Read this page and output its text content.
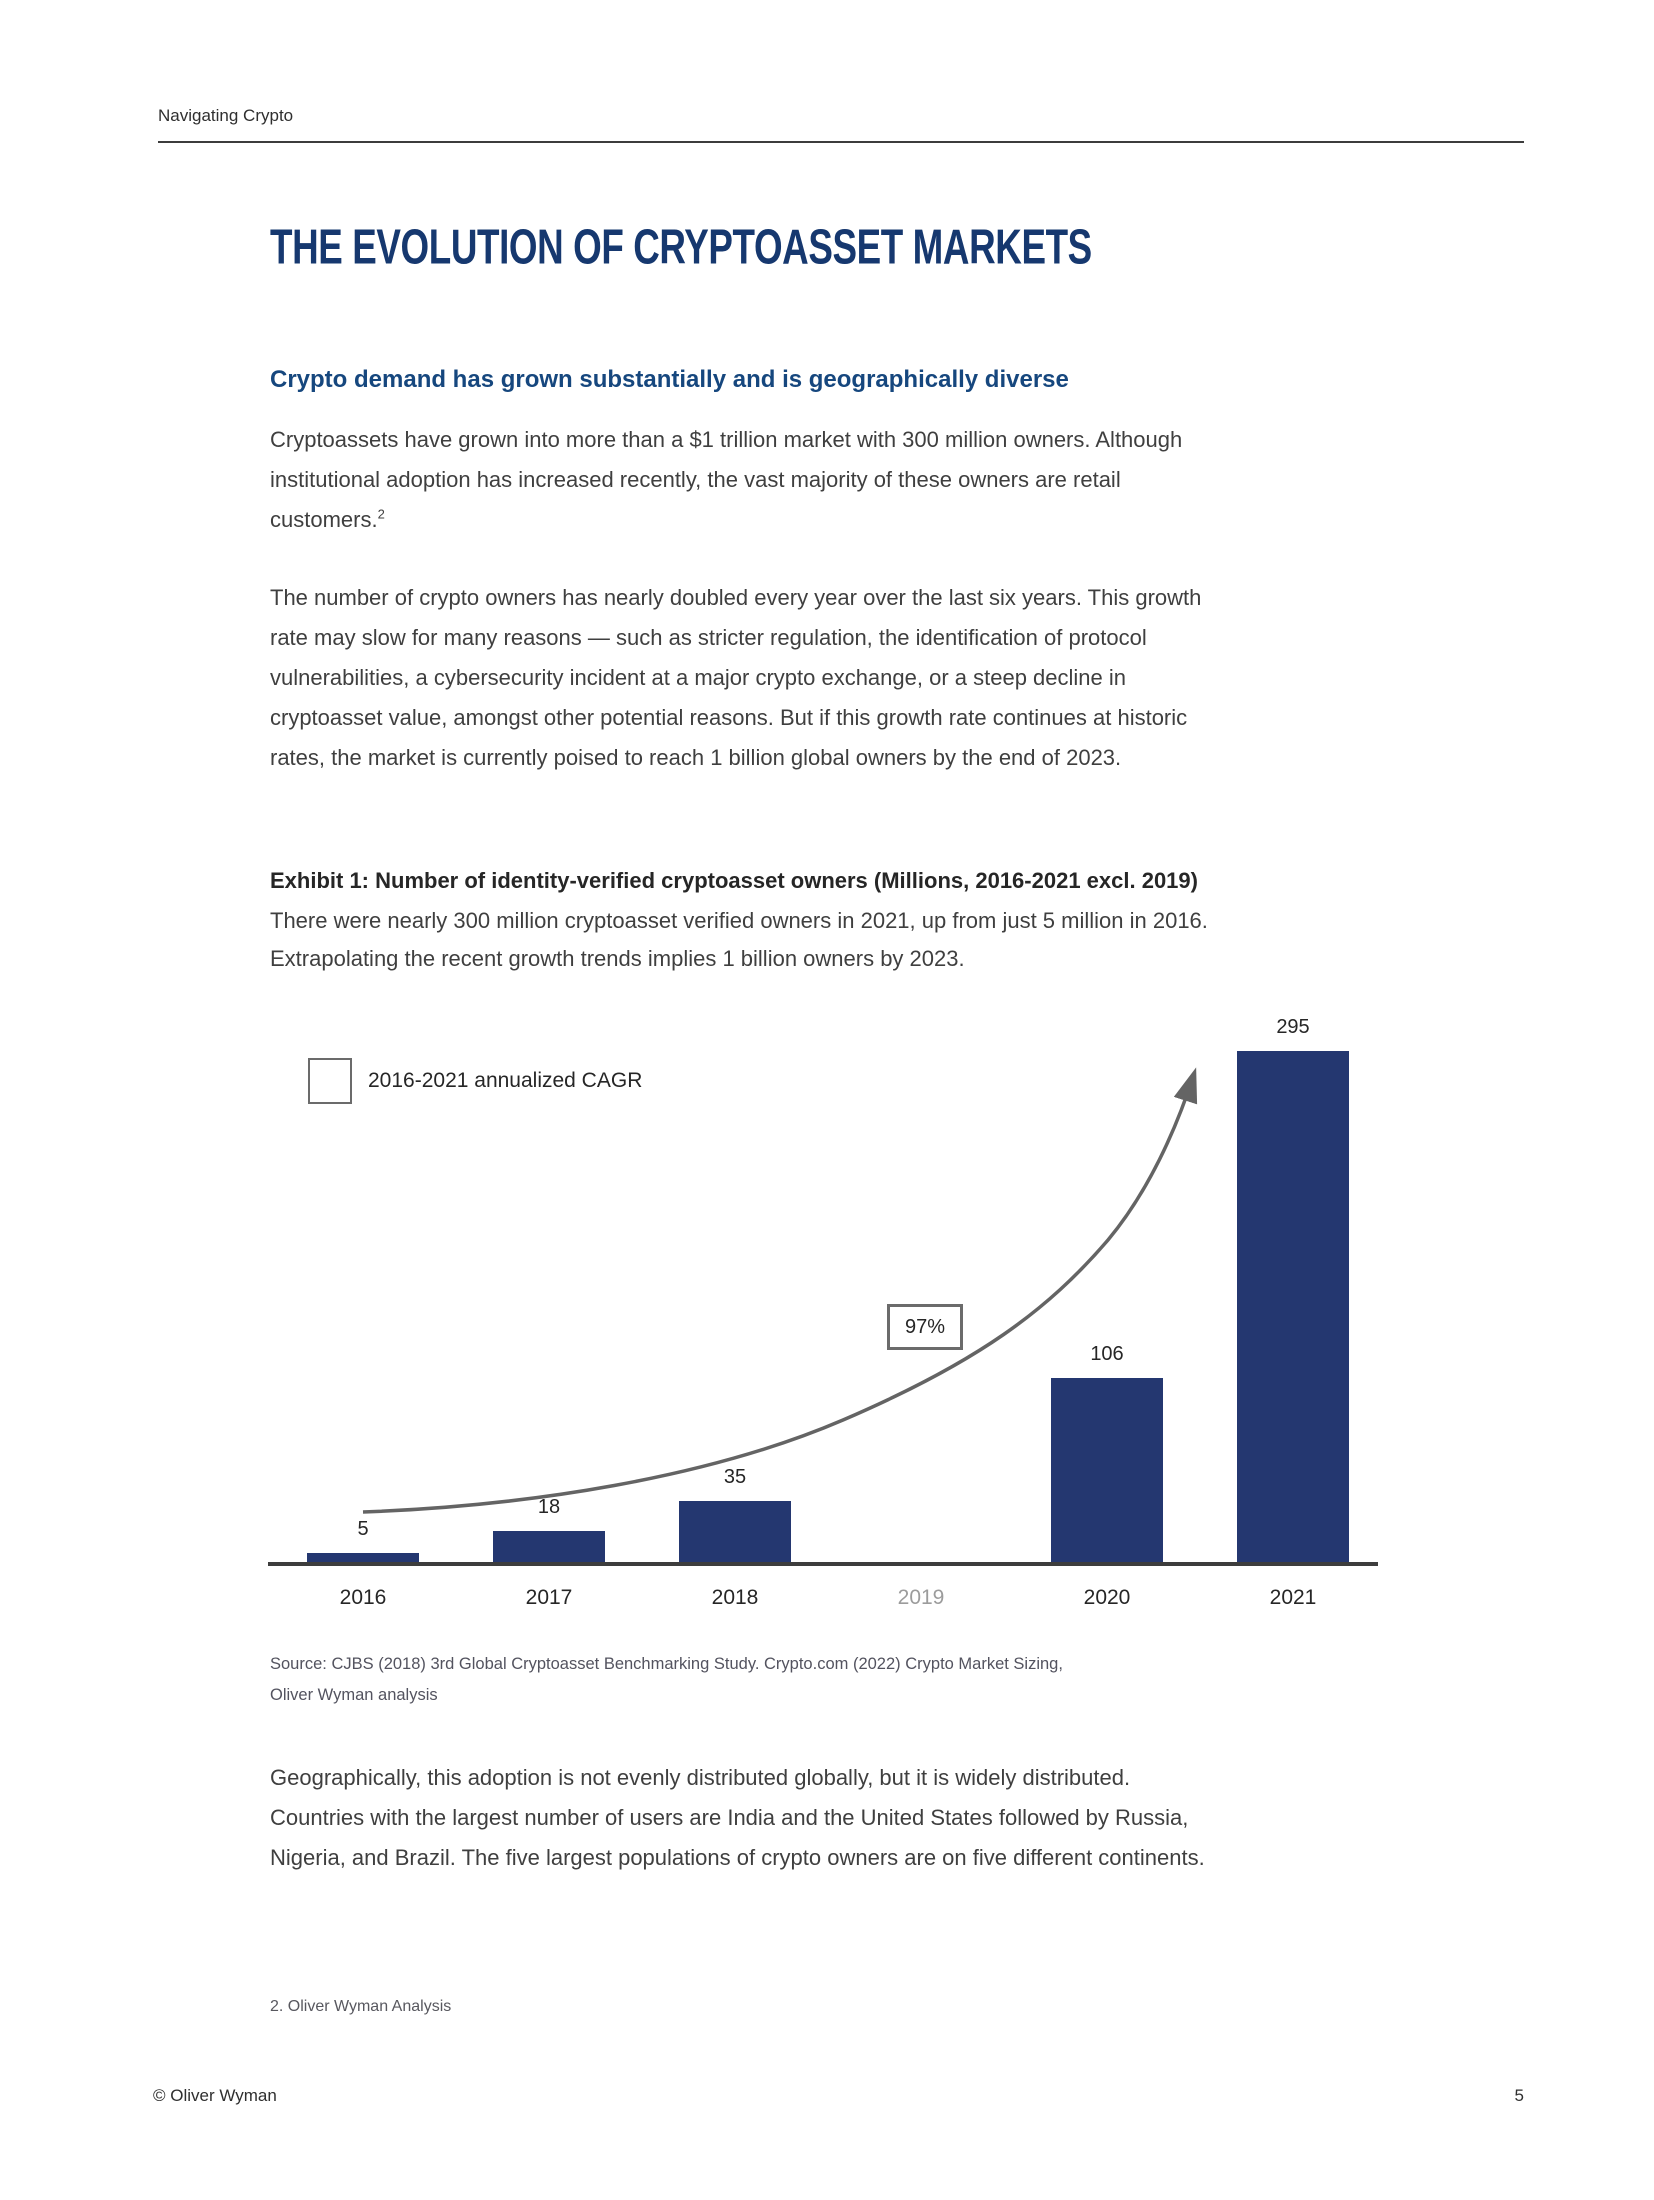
Navigating Crypto
THE EVOLUTION OF CRYPTOASSET MARKETS
Crypto demand has grown substantially and is geographically diverse

Cryptoassets have grown into more than a $1 trillion market with 300 million owners. Although institutional adoption has increased recently, the vast majority of these owners are retail customers.$^2$

The number of crypto owners has nearly doubled every year over the last six years. This growth rate may slow for many reasons — such as stricter regulation, the identification of protocol vulnerabilities, a cybersecurity incident at a major crypto exchange, or a steep decline in cryptoasset value, amongst other potential reasons. But if this growth rate continues at historic rates, the market is currently poised to reach 1 billion global owners by the end of 2023.

Exhibit 1: Number of identity-verified cryptoasset owners (Millions, 2016-2021 excl. 2019)
There were nearly 300 million cryptoasset verified owners in 2021, up from just 5 million in 2016. Extrapolating the recent growth trends implies 1 billion owners by 2023.
2016-2021 annualized CAGR
97%
5
2016
18
2017
35
2018	2019
106
2020
295
2021
Source: CJBS (2018) 3rd Global Cryptoasset Benchmarking Study. Crypto.com (2022) Crypto Market Sizing,
Oliver Wyman analysis

Geographically, this adoption is not evenly distributed globally, but it is widely distributed. Countries with the largest number of users are India and the United States followed by Russia, Nigeria, and Brazil. The five largest populations of crypto owners are on five different continents.

2. Oliver Wyman Analysis
© Oliver Wyman	5
